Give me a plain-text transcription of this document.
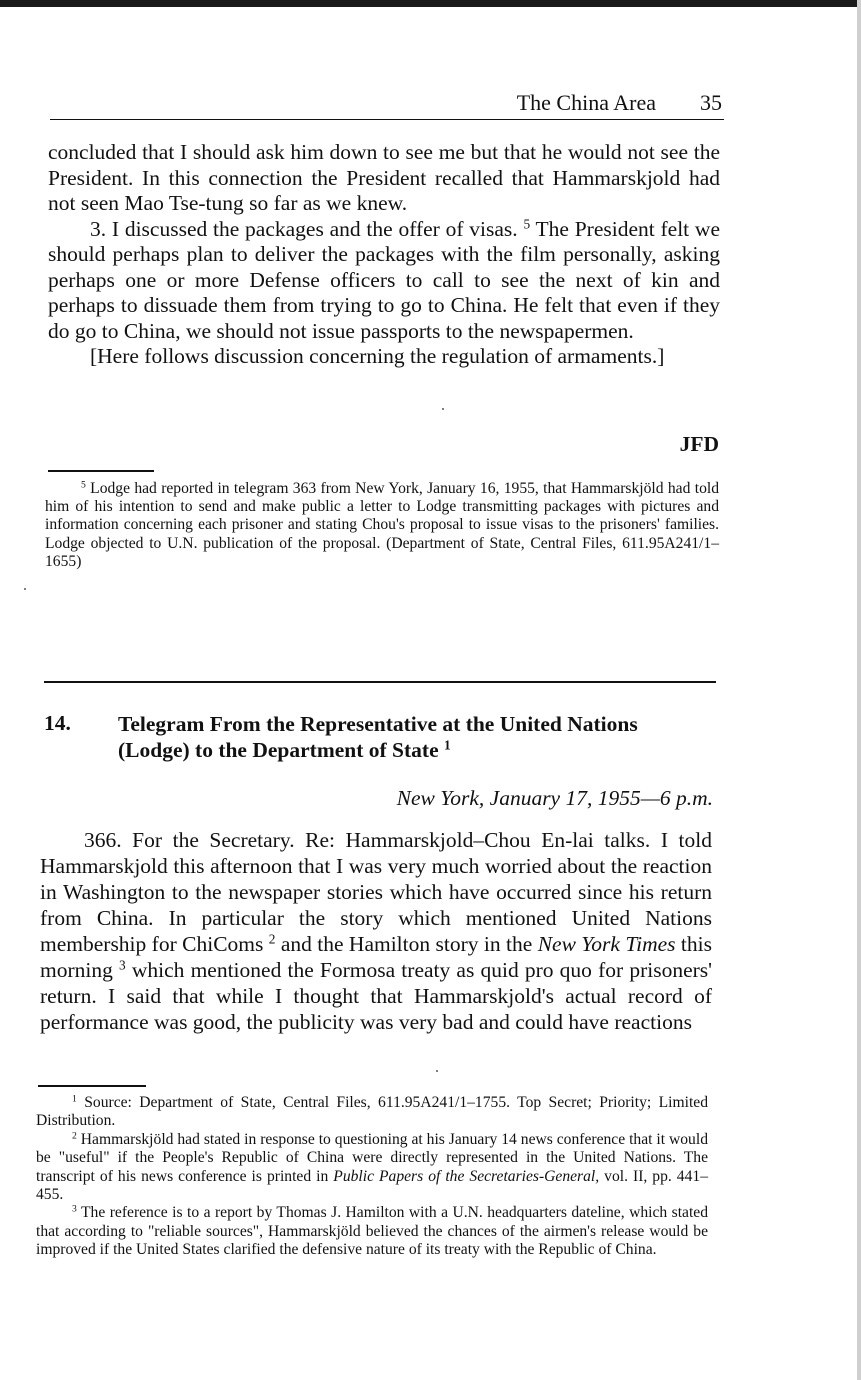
The China Area 35

concluded that I should ask him down to see me but that he would not see the President. In this connection the President recalled that Hammarskjold had not seen Mao Tse-tung so far as we knew.

3. I discussed the packages and the offer of visas. $^5$ The President felt we should perhaps plan to deliver the packages with the film personally, asking perhaps one or more Defense officers to call to see the next of kin and perhaps to dissuade them from trying to go to China. He felt that even if they do go to China, we should not issue passports to the newspapermen.

[Here follows discussion concerning the regulation of armaments.]

JFD

$^5$ Lodge had reported in telegram 363 from New York, January 16, 1955, that Hammarskjöld had told him of his intention to send and make public a letter to Lodge transmitting packages with pictures and information concerning each prisoner and stating Chou's proposal to issue visas to the prisoners' families. Lodge objected to U.N. publication of the proposal. (Department of State, Central Files, 611.95A241/1–1655)

14. Telegram From the Representative at the United Nations (Lodge) to the Department of State $^1$
New York, January 17, 1955—6 p.m.

366. For the Secretary. Re: Hammarskjold–Chou En-lai talks. I told Hammarskjold this afternoon that I was very much worried about the reaction in Washington to the newspaper stories which have occurred since his return from China. In particular the story which mentioned United Nations membership for ChiComs $^2$ and the Hamilton story in the New York Times this morning $^3$ which mentioned the Formosa treaty as quid pro quo for prisoners' return. I said that while I thought that Hammarskjold's actual record of performance was good, the publicity was very bad and could have reactions

$^1$ Source: Department of State, Central Files, 611.95A241/1–1755. Top Secret; Priority; Limited Distribution.

$^2$ Hammarskjöld had stated in response to questioning at his January 14 news conference that it would be "useful" if the People's Republic of China were directly represented in the United Nations. The transcript of his news conference is printed in Public Papers of the Secretaries-General, vol. II, pp. 441–455.

$^3$ The reference is to a report by Thomas J. Hamilton with a U.N. headquarters dateline, which stated that according to "reliable sources", Hammarskjöld believed the chances of the airmen's release would be improved if the United States clarified the defensive nature of its treaty with the Republic of China.
